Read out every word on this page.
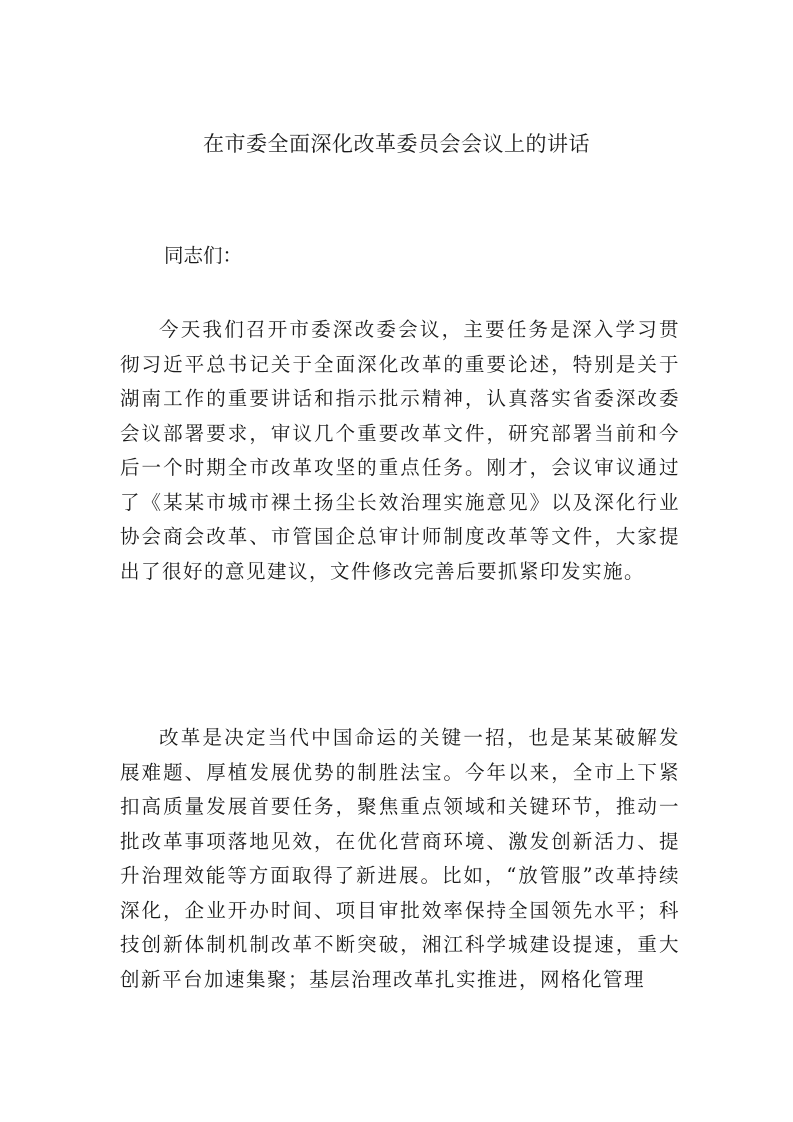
在市委全面深化改革委员会会议上的讲话
同志们：

今天我们召开市委深改委会议，主要任务是深入学习贯彻习近平总书记关于全面深化改革的重要论述，特别是关于湖南工作的重要讲话和指示批示精神，认真落实省委深改委会议部署要求，审议几个重要改革文件，研究部署当前和今后一个时期全市改革攻坚的重点任务。刚才，会议审议通过了《某某市城市裸土扬尘长效治理实施意见》以及深化行业协会商会改革、市管国企总审计师制度改革等文件，大家提出了很好的意见建议，文件修改完善后要抓紧印发实施。

改革是决定当代中国命运的关键一招，也是某某破解发展难题、厚植发展优势的制胜法宝。今年以来，全市上下紧扣高质量发展首要任务，聚焦重点领域和关键环节，推动一批改革事项落地见效，在优化营商环境、激发创新活力、提升治理效能等方面取得了新进展。比如，“放管服”改革持续深化，企业开办时间、项目审批效率保持全国领先水平；科技创新体制机制改革不断突破，湘江科学城建设提速，重大创新平台加速集聚；基层治理改革扎实推进，网格化管理
